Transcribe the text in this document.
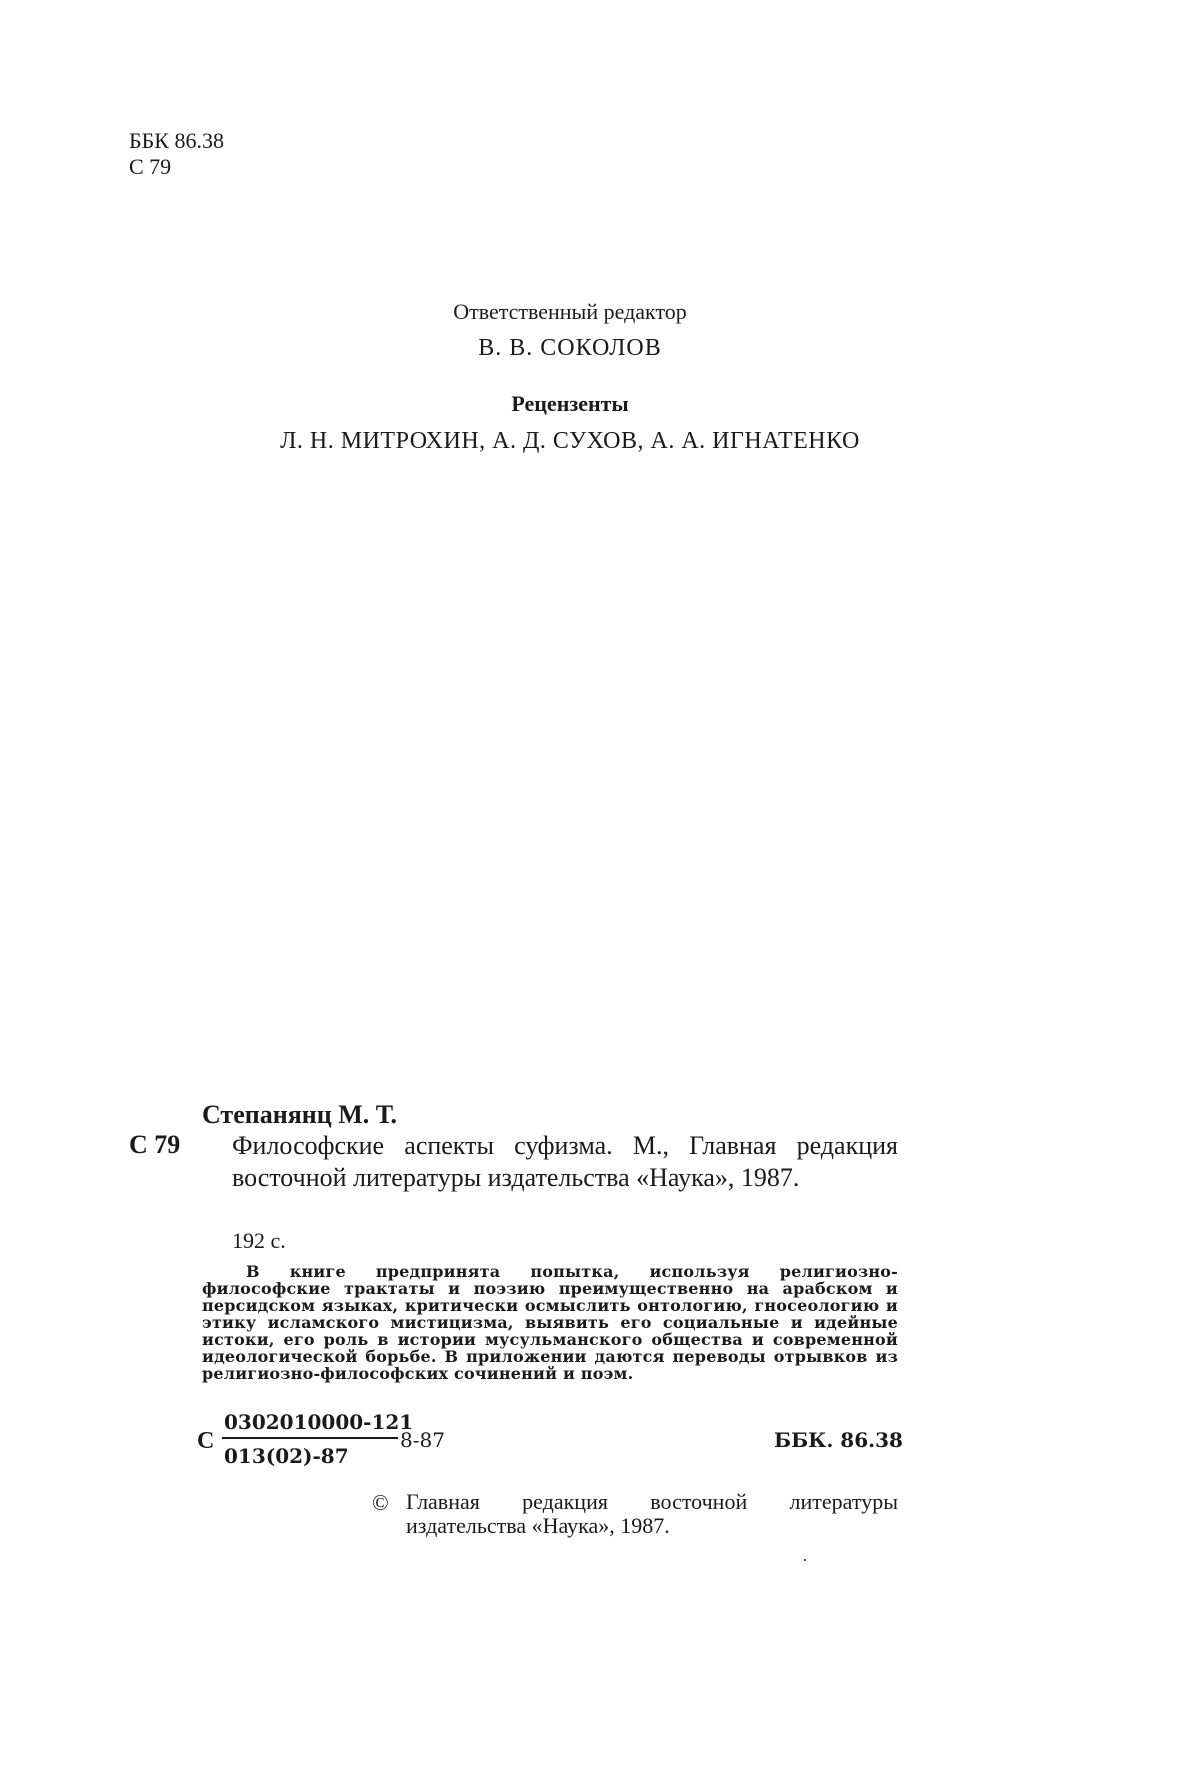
ББК 86.38
С 79
Ответственный редактор
В. В. СОКОЛОВ
Рецензенты
Л. Н. МИТРОХИН, А. Д. СУХОВ, А. А. ИГНАТЕНКО
Степанянц М. Т.
С 79 Философские аспекты суфизма. М., Главная редакция восточной литературы издательства «Наука», 1987.
192 с.
В книге предпринята попытка, используя религиозно-философские трактаты и поэзию преимущественно на арабском и персидском языках, критически осмыслить онтологию, гносеологию и этику исламского мистицизма, выявить его социальные и идейные истоки, его роль в истории мусульманского общества и современной идеологической борьбе. В приложении даются переводы отрывков из религиозно-философских сочинений и поэм.
С
0302010000-121
013(02)-87
8-87	ББК. 86.38
© Главная редакция восточной литературы издательства «Наука», 1987.
